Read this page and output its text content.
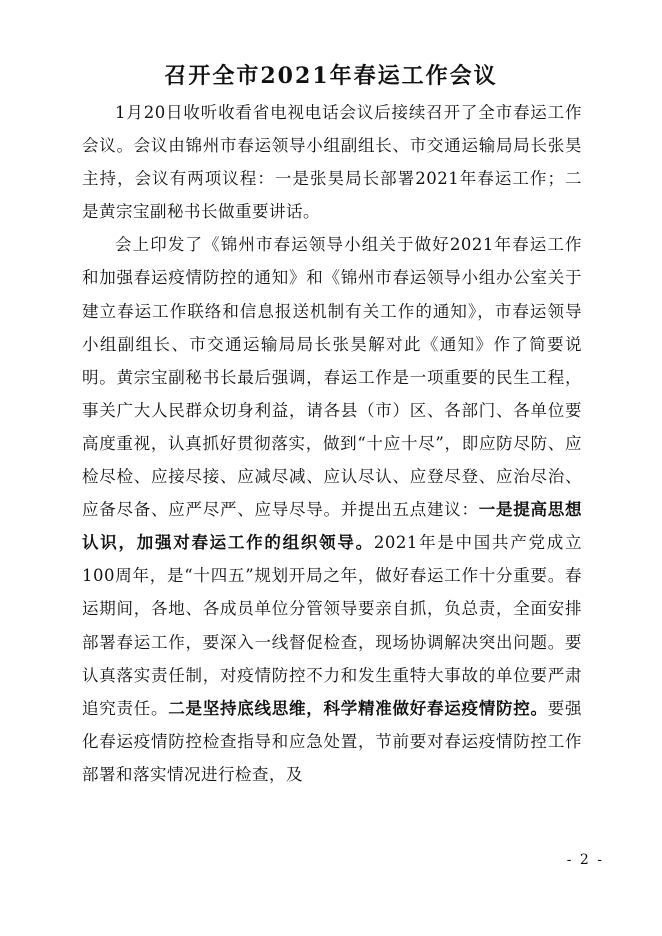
召开全市2021年春运工作会议

1月20日收听收看省电视电话会议后接续召开了全市春运工作会议。会议由锦州市春运领导小组副组长、市交通运输局局长张昊主持，会议有两项议程：一是张昊局长部署2021年春运工作；二是黄宗宝副秘书长做重要讲话。

会上印发了《锦州市春运领导小组关于做好2021年春运工作和加强春运疫情防控的通知》和《锦州市春运领导小组办公室关于建立春运工作联络和信息报送机制有关工作的通知》，市春运领导小组副组长、市交通运输局局长张昊解对此《通知》作了简要说明。黄宗宝副秘书长最后强调，春运工作是一项重要的民生工程，事关广大人民群众切身利益，请各县（市）区、各部门、各单位要高度重视，认真抓好贯彻落实，做到“十应十尽”，即应防尽防、应检尽检、应接尽接、应减尽减、应认尽认、应登尽登、应治尽治、应备尽备、应严尽严、应导尽导。并提出五点建议：一是提高思想认识，加强对春运工作的组织领导。2021年是中国共产党成立100周年，是“十四五”规划开局之年，做好春运工作十分重要。春运期间，各地、各成员单位分管领导要亲自抓，负总责，全面安排部署春运工作，要深入一线督促检查，现场协调解决突出问题。要认真落实责任制，对疫情防控不力和发生重特大事故的单位要严肃追究责任。二是坚持底线思维，科学精准做好春运疫情防控。要强化春运疫情防控检查指导和应急处置，节前要对春运疫情防控工作部署和落实情况进行检查，及

- 2 -
